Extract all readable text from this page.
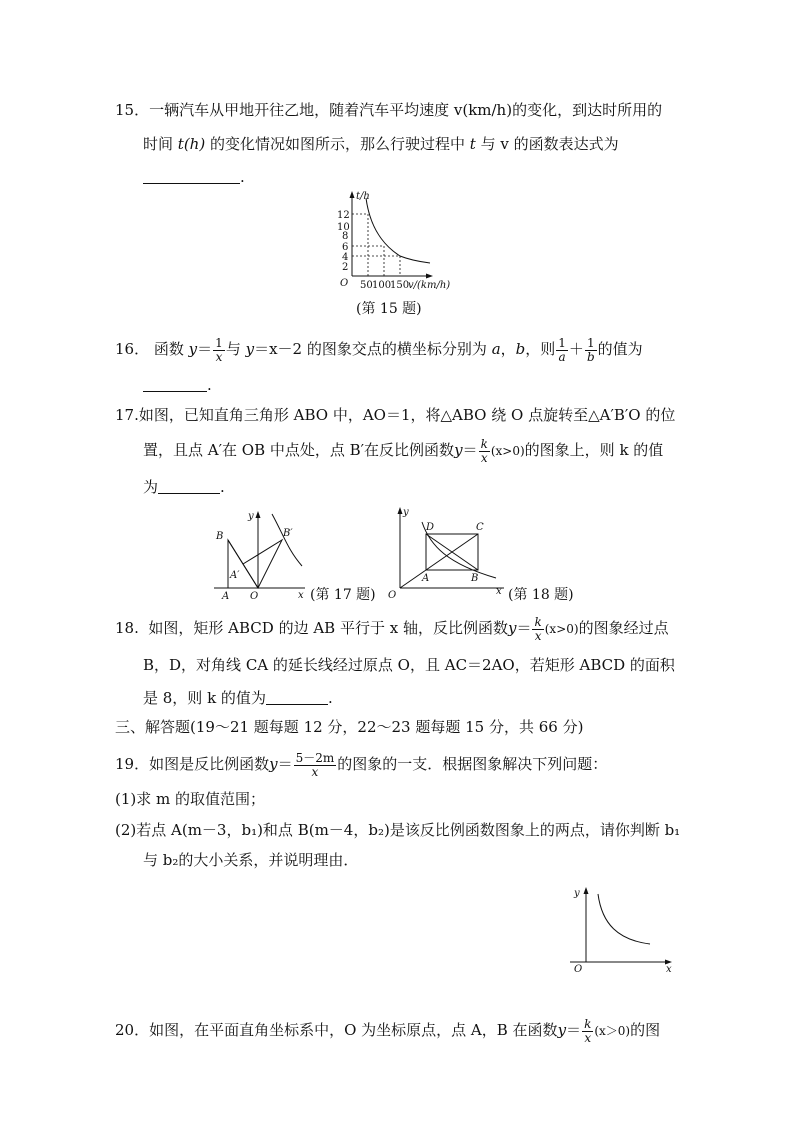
15．一辆汽车从甲地开往乙地，随着汽车平均速度 v(km/h)的变化，到达时所用的
时间 t(h) 的变化情况如图所示，那么行驶过程中 t 与 v 的函数表达式为
.
t/h
12
10
8
6
4
2
O 50 100
150
v/(km/h)
(第 15 题)
16． 函数 $y= \frac{1}{x}$ 与 y＝x－2 的图象交点的横坐标分别为 a，b，则 $\frac{1}{a} + \frac{1}{b}$ 的值为
.
17.如图，已知直角三角形 ABO 中，AO＝1，将△ABO 绕 O 点旋转至△A′B′O 的位
置，且点 A′在 OB 中点处，点 B′在反比例函数$y= \frac{k}{x} (x>0)$的图象上，则 k 的值
为	.
y
B	B′
A′
A O	x (第 17 题)
y
D	C
A	B
O	x (第 18 题)
18. 如图，矩形 ABCD 的边 AB 平行于 x 轴，反比例函数$y= \frac{k}{x} (x>0)$的图象经过点
B，D，对角线 CA 的延长线经过原点 O，且 AC＝2AO，若矩形 ABCD 的面积
是 8，则 k 的值为	.
三、解答题(19～21 题每题 12 分，22～23 题每题 15 分，共 66 分)
19．如图是反比例函数$y= \frac{5-2m}{x}$ 的图象的一支．根据图象解决下列问题：
(1)求 m 的取值范围；
(2)若点 A(m－3，b₁)和点 B(m－4，b₂)是该反比例函数图象上的两点，请你判断 b₁
与 b₂的大小关系，并说明理由．
y
O	x
20．如图，在平面直角坐标系中，O 为坐标原点，点 A，B 在函数$y= \frac{k}{x} (x>0)$的图
